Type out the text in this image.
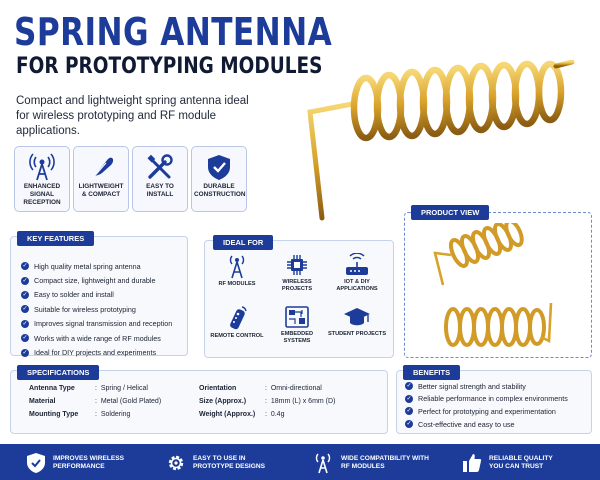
SPRING ANTENNA
FOR PROTOTYPING MODULES
Compact and lightweight spring antenna ideal for wireless prototyping and RF module applications.
ENHANCED SIGNAL RECEPTION
LIGHTWEIGHT & COMPACT
EASY TO INSTALL
DURABLE CONSTRUCTION
PRODUCT VIEW
KEY FEATURES
✓ High quality metal spring antenna
✓ Compact size, lightweight and durable
✓ Easy to solder and install
✓ Suitable for wireless prototyping
✓ Improves signal transmission and reception
✓ Works with a wide range of RF modules
✓ Ideal for DIY projects and experiments
IDEAL FOR
RF MODULES	WIRELESS PROJECTS
IOT & DIY APPLICATIONS
REMOTE CONTROL	EMBEDDED SYSTEMS
STUDENT PROJECTS
SPECIFICATIONS
Antenna Type	:  Spring / Helical	Orientation	:  Omni-directional
Material	:  Metal (Gold Plated)	Size (Approx.)	:  18mm (L) x 6mm (D)
Mounting Type :  Soldering	Weight (Approx.) :  0.4g
BENEFITS
✓ Better signal strength and stability
✓ Reliable performance in complex environments
✓ Perfect for prototyping and experimentation
✓ Cost-effective and easy to use
IMPROVES WIRELESS
PERFORMANCE
EASY TO USE IN
PROTOTYPE DESIGNS
WIDE COMPATIBILITY WITH
RF MODULES
RELIABLE QUALITY
YOU CAN TRUST
